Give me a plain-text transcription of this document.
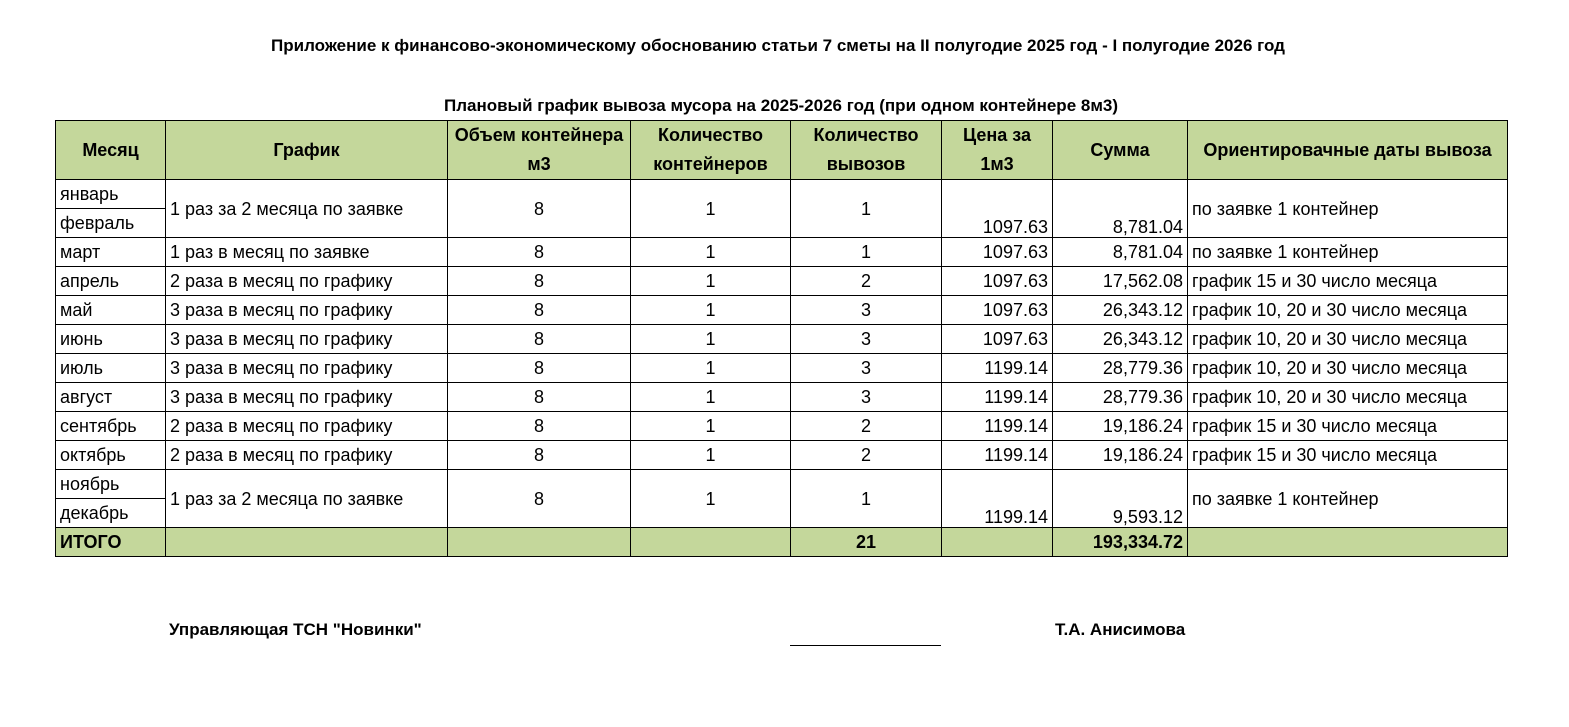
Приложение к финансово-экономическому обоснованию статьи 7 сметы на II полугодие 2025 год - I полугодие 2026 год
Плановый график вывоза мусора на 2025-2026 год (при одном контейнере 8м3)
Месяц	График	Объем контейнера м3	Количество контейнеров	Количество вывозов	Цена за 1м3	Сумма	Ориентировачные даты вывоза
январь	1 раз за 2 месяца по заявке	8	1	1	1097.63	8,781.04	по заявке 1 контейнер
февраль							
март	1 раз в месяц по заявке	8	1	1	1097.63	8,781.04	по заявке 1 контейнер
апрель	2 раза в месяц по графику	8	1	2	1097.63	17,562.08	график 15 и 30 число месяца
май	3 раза в месяц по графику	8	1	3	1097.63	26,343.12	график 10, 20 и 30 число месяца
июнь	3 раза в месяц по графику	8	1	3	1097.63	26,343.12	график 10, 20 и 30 число месяца
июль	3 раза в месяц по графику	8	1	3	1199.14	28,779.36	график 10, 20 и 30 число месяца
август	3 раза в месяц по графику	8	1	3	1199.14	28,779.36	график 10, 20 и 30 число месяца
сентябрь	2 раза в месяц по графику	8	1	2	1199.14	19,186.24	график 15 и 30 число месяца
октябрь	2 раза в месяц по графику	8	1	2	1199.14	19,186.24	график 15 и 30 число месяца
ноябрь	1 раз за 2 месяца по заявке	8	1	1	1199.14	9,593.12	по заявке 1 контейнер
декабрь							
ИТОГО				21		193,334.72	
Управляющая ТСН "Новинки"	Т.А. Анисимова
